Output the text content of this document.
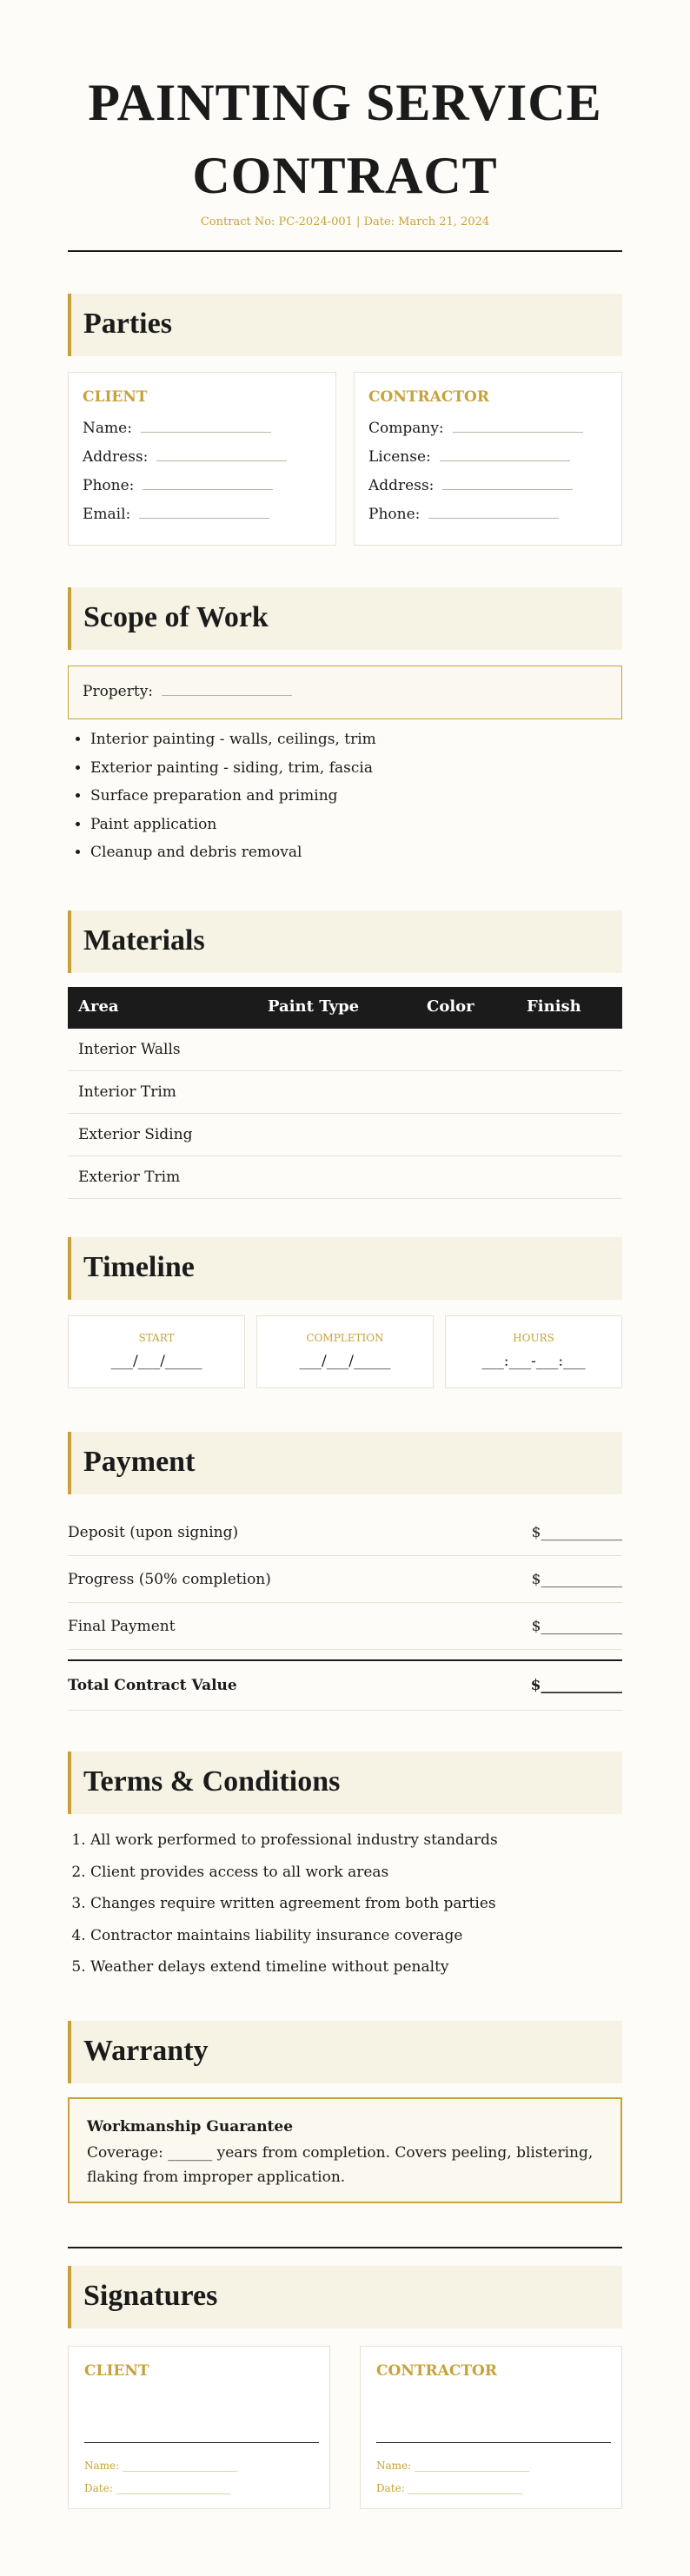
PAINTING SERVICE
CONTRACT
Contract No: PC-2024-001 | Date: March 21, 2024
Parties
CLIENT
Name:
Address:
Phone:
Email:
CONTRACTOR
Company:
License:
Address:
Phone:
Scope of Work
Property:
• Interior painting - walls, ceilings, trim
• Exterior painting - siding, trim, fascia
• Surface preparation and priming
• Paint application
• Cleanup and debris removal
Materials
Area	Paint Type	Color	Finish
Interior Walls
Interior Trim
Exterior Siding
Exterior Trim
Timeline
START
___/___/_____
COMPLETION
___/___/_____
HOURS
___:___-___:___
Payment
Deposit (upon signing)	$___________
Progress (50% completion)	$___________
Final Payment	$___________
Total Contract Value	$___________
Terms & Conditions
1. All work performed to professional industry standards
2. Client provides access to all work areas
3. Changes require written agreement from both parties
4. Contractor maintains liability insurance coverage
5. Weather delays extend timeline without penalty
Warranty
Workmanship Guarantee
Coverage: ______ years from completion. Covers peeling, blistering, flaking from improper application.
Signatures
CLIENT
Name: ______________________
Date: ______________________
CONTRACTOR
Name: ______________________
Date: ______________________
